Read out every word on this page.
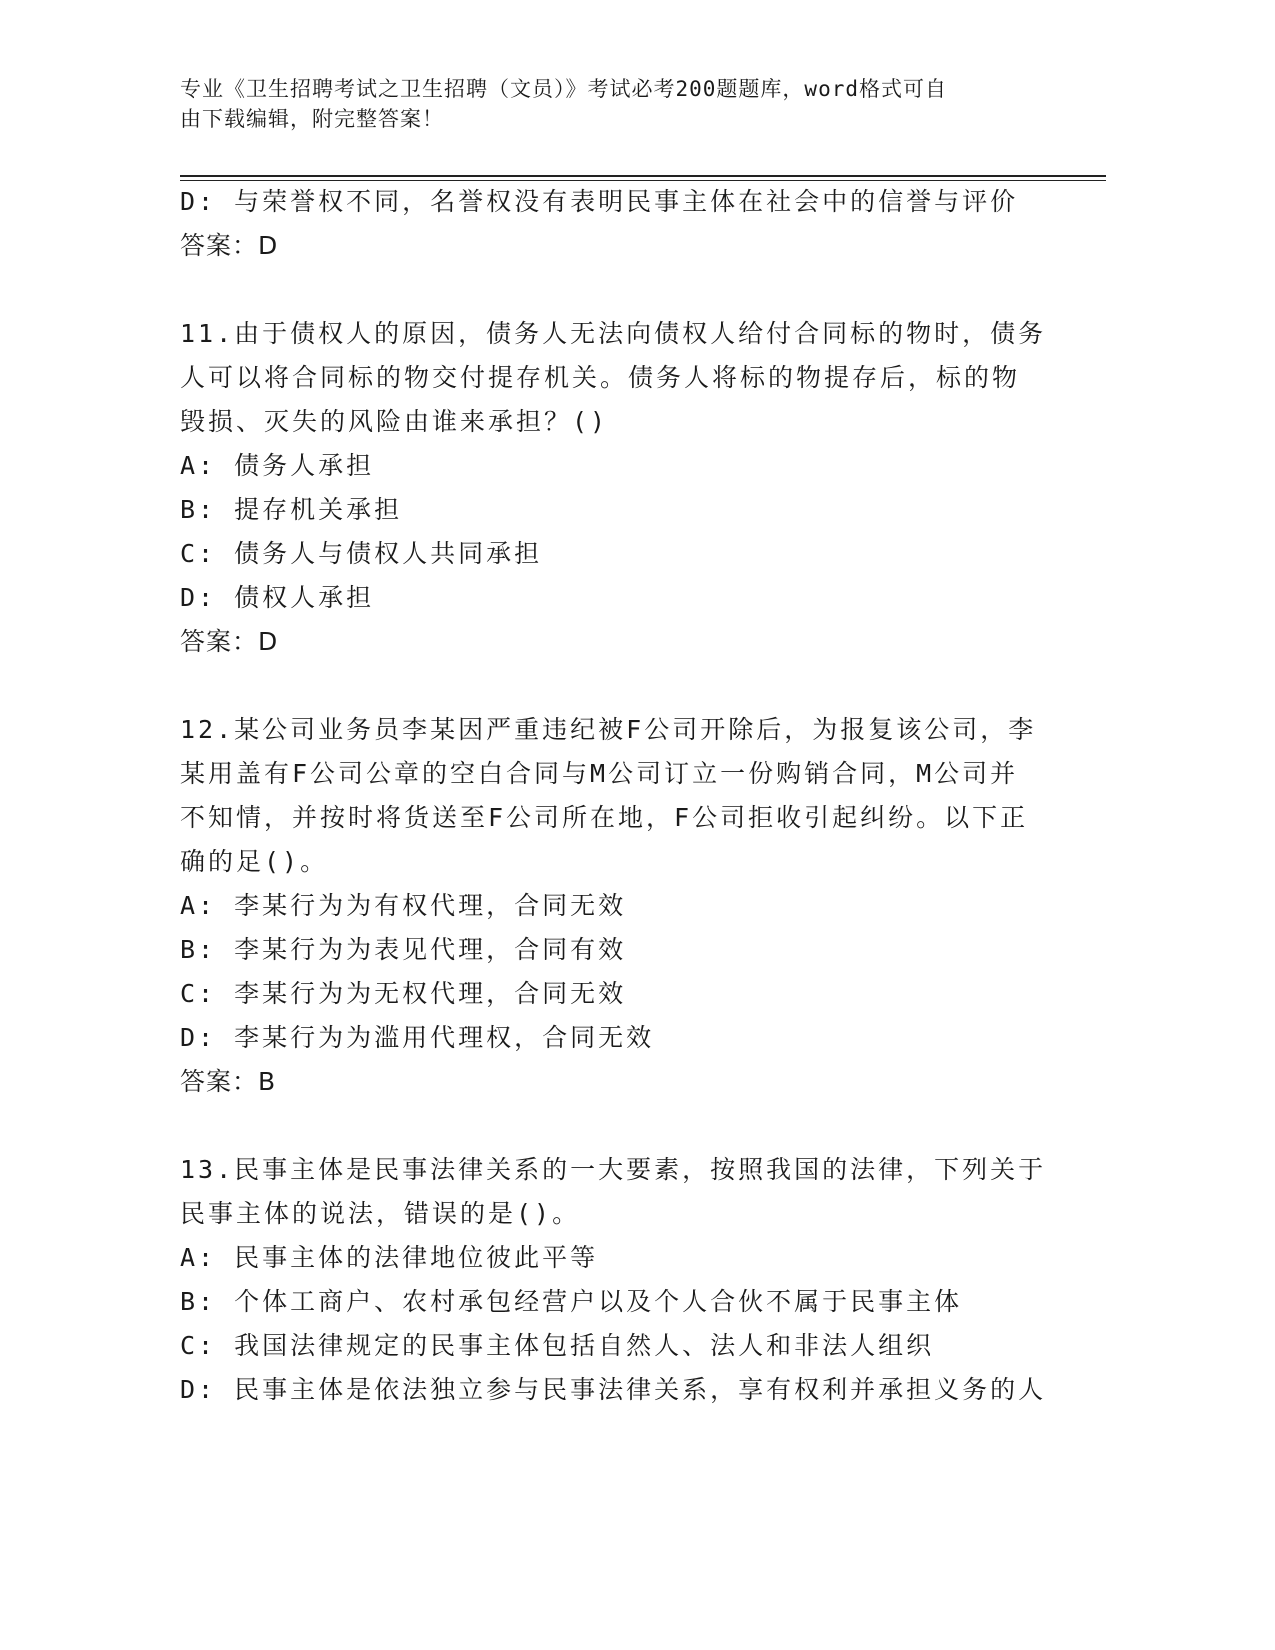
专业《卫生招聘考试之卫生招聘（文员）》考试必考200题题库，word格式可自
由下载编辑，附完整答案！
D: 与荣誉权不同，名誉权没有表明民事主体在社会中的信誉与评价
答案：D
11.由于债权人的原因，债务人无法向债权人给付合同标的物时，债务
人可以将合同标的物交付提存机关。债务人将标的物提存后，标的物
毁损、灭失的风险由谁来承担？()
A: 债务人承担
B: 提存机关承担
C: 债务人与债权人共同承担
D: 债权人承担
答案：D
12.某公司业务员李某因严重违纪被F公司开除后，为报复该公司，李
某用盖有F公司公章的空白合同与M公司订立一份购销合同，M公司并
不知情，并按时将货送至F公司所在地，F公司拒收引起纠纷。以下正
确的足()。
A: 李某行为为有权代理，合同无效
B: 李某行为为表见代理，合同有效
C: 李某行为为无权代理，合同无效
D: 李某行为为滥用代理权，合同无效
答案：B
13.民事主体是民事法律关系的一大要素，按照我国的法律，下列关于
民事主体的说法，错误的是()。
A: 民事主体的法律地位彼此平等
B: 个体工商户、农村承包经营户以及个人合伙不属于民事主体
C: 我国法律规定的民事主体包括自然人、法人和非法人组织
D: 民事主体是依法独立参与民事法律关系，享有权利并承担义务的人
